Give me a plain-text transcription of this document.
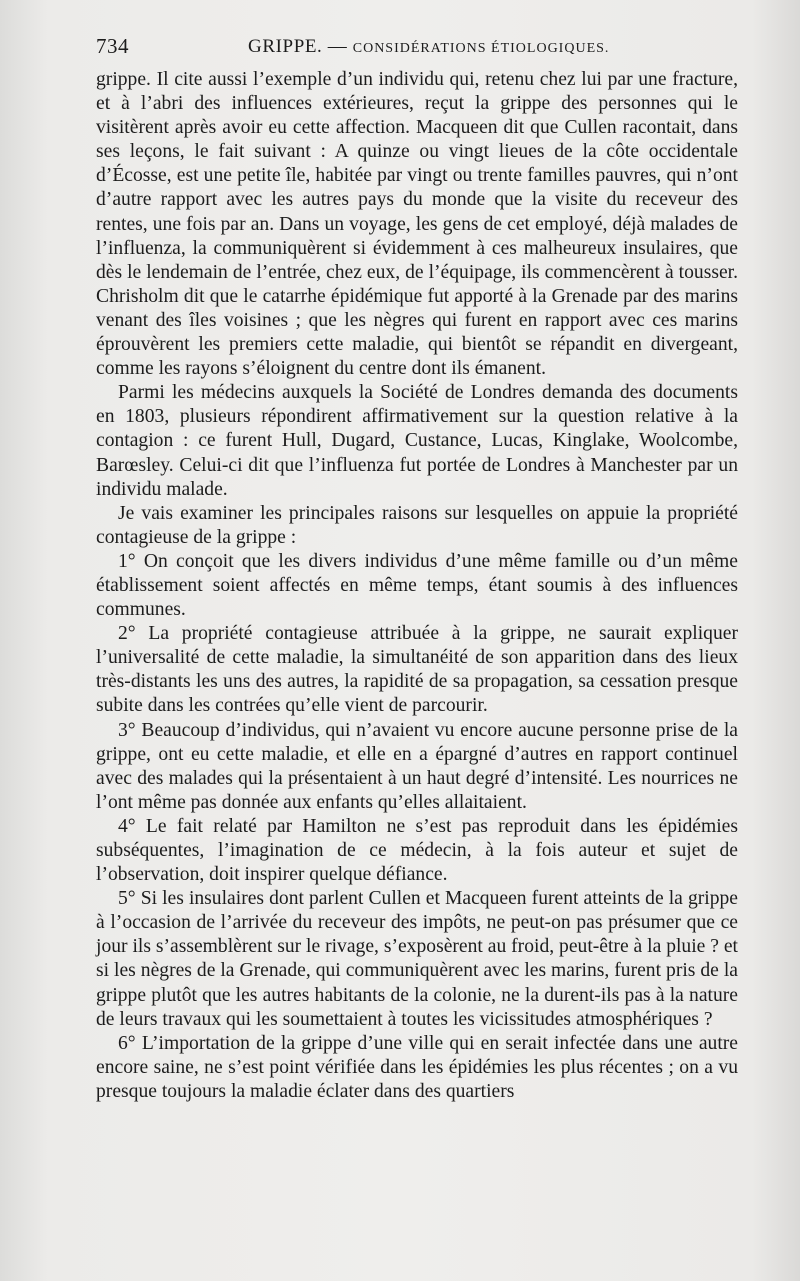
734	GRIPPE. — CONSIDÉRATIONS ÉTIOLOGIQUES.

grippe. Il cite aussi l’exemple d’un individu qui, retenu chez lui par une fracture, et à l’abri des influences extérieures, reçut la grippe des personnes qui le visitèrent après avoir eu cette affection. Macqueen dit que Cullen racontait, dans ses leçons, le fait suivant : A quinze ou vingt lieues de la côte occidentale d’Écosse, est une petite île, habitée par vingt ou trente familles pauvres, qui n’ont d’autre rapport avec les autres pays du monde que la visite du receveur des rentes, une fois par an. Dans un voyage, les gens de cet employé, déjà malades de l’influenza, la communiquèrent si évidemment à ces malheureux insulaires, que dès le lendemain de l’entrée, chez eux, de l’équipage, ils commencèrent à tousser. Chrisholm dit que le catarrhe épidémique fut apporté à la Grenade par des marins venant des îles voisines ; que les nègres qui furent en rapport avec ces marins éprouvèrent les premiers cette maladie, qui bientôt se répandit en divergeant, comme les rayons s’éloignent du centre dont ils émanent.

Parmi les médecins auxquels la Société de Londres demanda des documents en 1803, plusieurs répondirent affirmativement sur la question relative à la contagion : ce furent Hull, Dugard, Custance, Lucas, Kinglake, Woolcombe, Barœsley. Celui-ci dit que l’influenza fut portée de Londres à Manchester par un individu malade.

Je vais examiner les principales raisons sur lesquelles on appuie la propriété contagieuse de la grippe :

1° On conçoit que les divers individus d’une même famille ou d’un même établissement soient affectés en même temps, étant soumis à des influences communes.

2° La propriété contagieuse attribuée à la grippe, ne saurait expliquer l’universalité de cette maladie, la simultanéité de son apparition dans des lieux très-distants les uns des autres, la rapidité de sa propagation, sa cessation presque subite dans les contrées qu’elle vient de parcourir.

3° Beaucoup d’individus, qui n’avaient vu encore aucune personne prise de la grippe, ont eu cette maladie, et elle en a épargné d’autres en rapport continuel avec des malades qui la présentaient à un haut degré d’intensité. Les nourrices ne l’ont même pas donnée aux enfants qu’elles allaitaient.

4° Le fait relaté par Hamilton ne s’est pas reproduit dans les épidémies subséquentes, l’imagination de ce médecin, à la fois auteur et sujet de l’observation, doit inspirer quelque défiance.

5° Si les insulaires dont parlent Cullen et Macqueen furent atteints de la grippe à l’occasion de l’arrivée du receveur des impôts, ne peut-on pas présumer que ce jour ils s’assemblèrent sur le rivage, s’exposèrent au froid, peut-être à la pluie ? et si les nègres de la Grenade, qui communiquèrent avec les marins, furent pris de la grippe plutôt que les autres habitants de la colonie, ne la durent-ils pas à la nature de leurs travaux qui les soumettaient à toutes les vicissitudes atmosphériques ?

6° L’importation de la grippe d’une ville qui en serait infectée dans une autre encore saine, ne s’est point vérifiée dans les épidémies les plus récentes ; on a vu presque toujours la maladie éclater dans des quartiers
